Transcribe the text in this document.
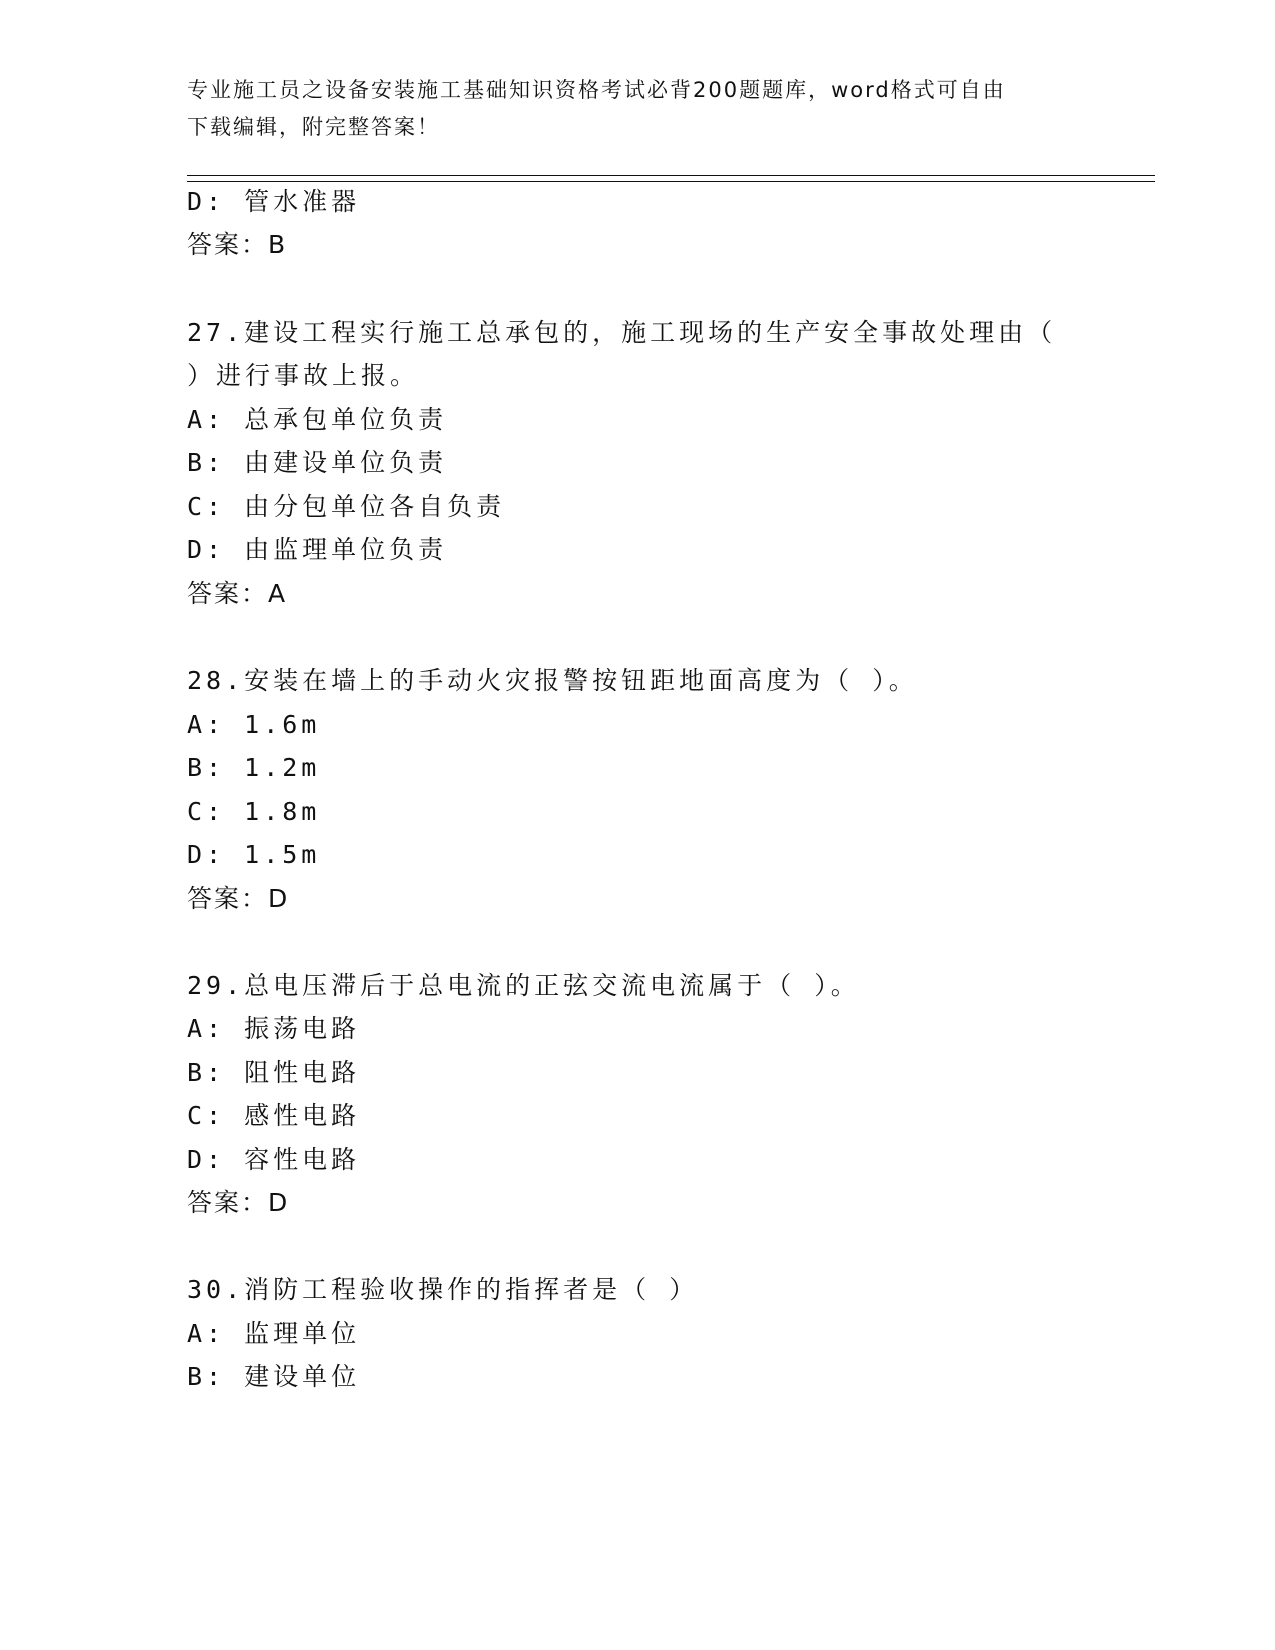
专业施工员之设备安装施工基础知识资格考试必背200题题库，word格式可自由
下载编辑，附完整答案！
D: 管水准器
答案：B
27.建设工程实行施工总承包的，施工现场的生产安全事故处理由（
）进行事故上报。
A: 总承包单位负责
B: 由建设单位负责
C: 由分包单位各自负责
D: 由监理单位负责
答案：A
28.安装在墙上的手动火灾报警按钮距地面高度为（ ）。
A: 1.6m
B: 1.2m
C: 1.8m
D: 1.5m
答案：D
29.总电压滞后于总电流的正弦交流电流属于（ ）。
A: 振荡电路
B: 阻性电路
C: 感性电路
D: 容性电路
答案：D
30.消防工程验收操作的指挥者是（ ）
A: 监理单位
B: 建设单位
